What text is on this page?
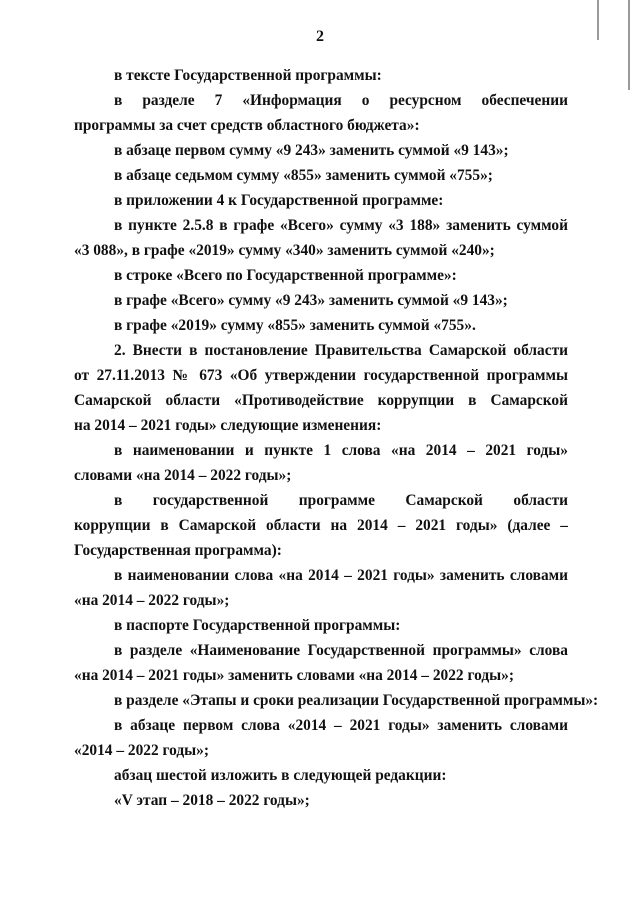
2
в тексте Государственной программы:
в разделе 7 «Информация о ресурсном обеспечении
программы за счет средств областного бюджета»:
в абзаце первом сумму «9 243» заменить суммой «9 143»;
в абзаце седьмом сумму «855» заменить суммой «755»;
в приложении 4 к Государственной программе:
в пункте 2.5.8 в графе «Всего» сумму «3 188» заменить суммой
«3 088», в графе «2019» сумму «340» заменить суммой «240»;
в строке «Всего по Государственной программе»:
в графе «Всего» сумму «9 243» заменить суммой «9 143»;
в графе «2019» сумму «855» заменить суммой «755».
2. Внести в постановление Правительства Самарской области
от 27.11.2013 № 673 «Об утверждении государственной программы
Самарской области «Противодействие коррупции в Самарской
на 2014 – 2021 годы» следующие изменения:
в наименовании и пункте 1 слова «на 2014 – 2021 годы»
словами «на 2014 – 2022 годы»;
в государственной программе Самарской области
коррупции в Самарской области на 2014 – 2021 годы» (далее –
Государственная программа):
в наименовании слова «на 2014 – 2021 годы» заменить словами
«на 2014 – 2022 годы»;
в паспорте Государственной программы:
в разделе «Наименование Государственной программы» слова
«на 2014 – 2021 годы» заменить словами «на 2014 – 2022 годы»;
в разделе «Этапы и сроки реализации Государственной программы»:
в абзаце первом слова «2014 – 2021 годы» заменить словами
«2014 – 2022 годы»;
абзац шестой изложить в следующей редакции:
«V этап – 2018 – 2022 годы»;
